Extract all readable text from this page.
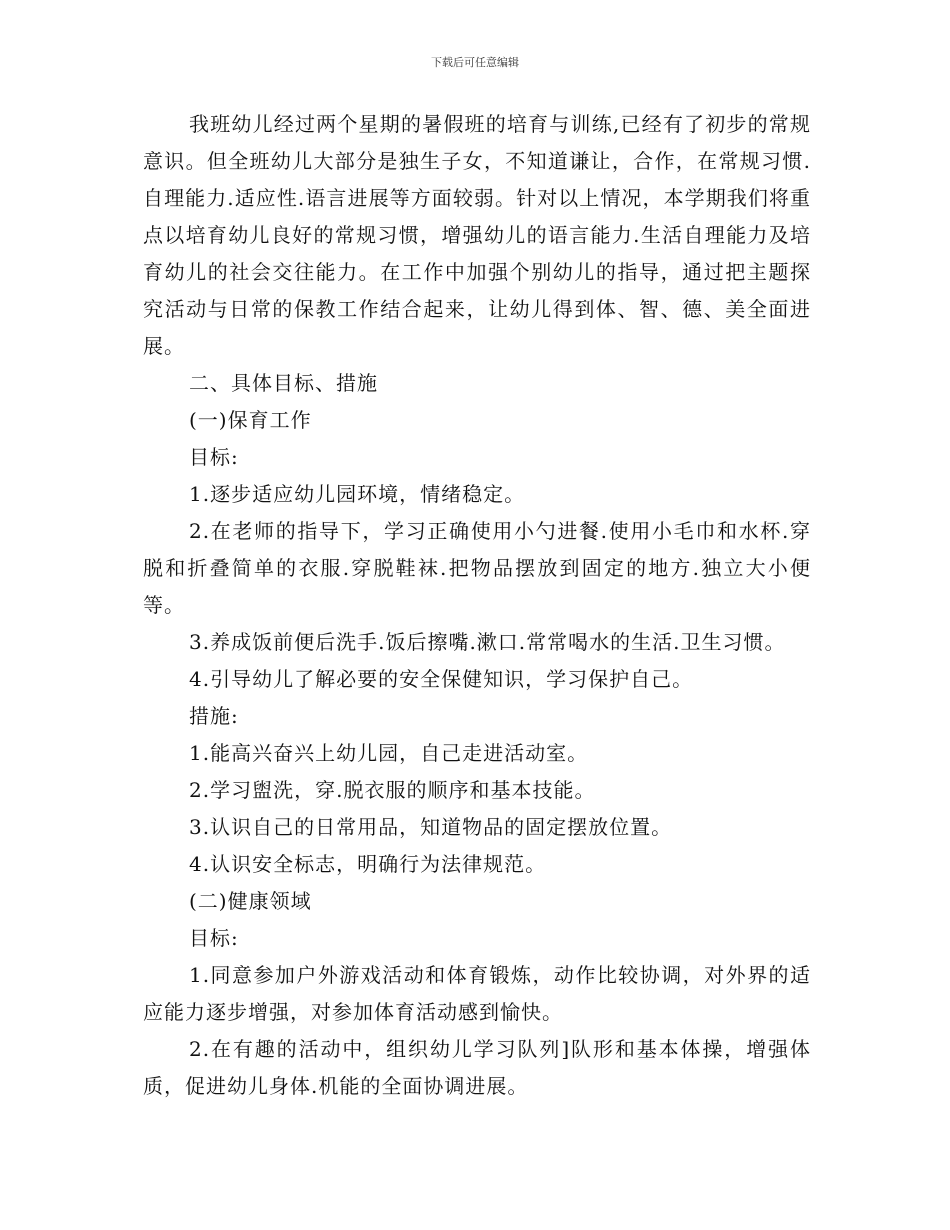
下载后可任意编辑

我班幼儿经过两个星期的暑假班的培育与训练,已经有了初步的常规意识。但全班幼儿大部分是独生子女，不知道谦让，合作，在常规习惯.自理能力.适应性.语言进展等方面较弱。针对以上情况，本学期我们将重点以培育幼儿良好的常规习惯，增强幼儿的语言能力.生活自理能力及培育幼儿的社会交往能力。在工作中加强个别幼儿的指导，通过把主题探究活动与日常的保教工作结合起来，让幼儿得到体、智、德、美全面进展。

二、具体目标、措施

(一)保育工作

目标:

1.逐步适应幼儿园环境，情绪稳定。

2.在老师的指导下，学习正确使用小勺进餐.使用小毛巾和水杯.穿脱和折叠简单的衣服.穿脱鞋袜.把物品摆放到固定的地方.独立大小便等。

3.养成饭前便后洗手.饭后擦嘴.漱口.常常喝水的生活.卫生习惯。

4.引导幼儿了解必要的安全保健知识，学习保护自己。

措施:

1.能高兴奋兴上幼儿园，自己走进活动室。

2.学习盥洗，穿.脱衣服的顺序和基本技能。

3.认识自己的日常用品，知道物品的固定摆放位置。

4.认识安全标志，明确行为法律规范。

(二)健康领域

目标:

1.同意参加户外游戏活动和体育锻炼，动作比较协调，对外界的适应能力逐步增强，对参加体育活动感到愉快。

2.在有趣的活动中，组织幼儿学习队列]队形和基本体操，增强体质，促进幼儿身体.机能的全面协调进展。
